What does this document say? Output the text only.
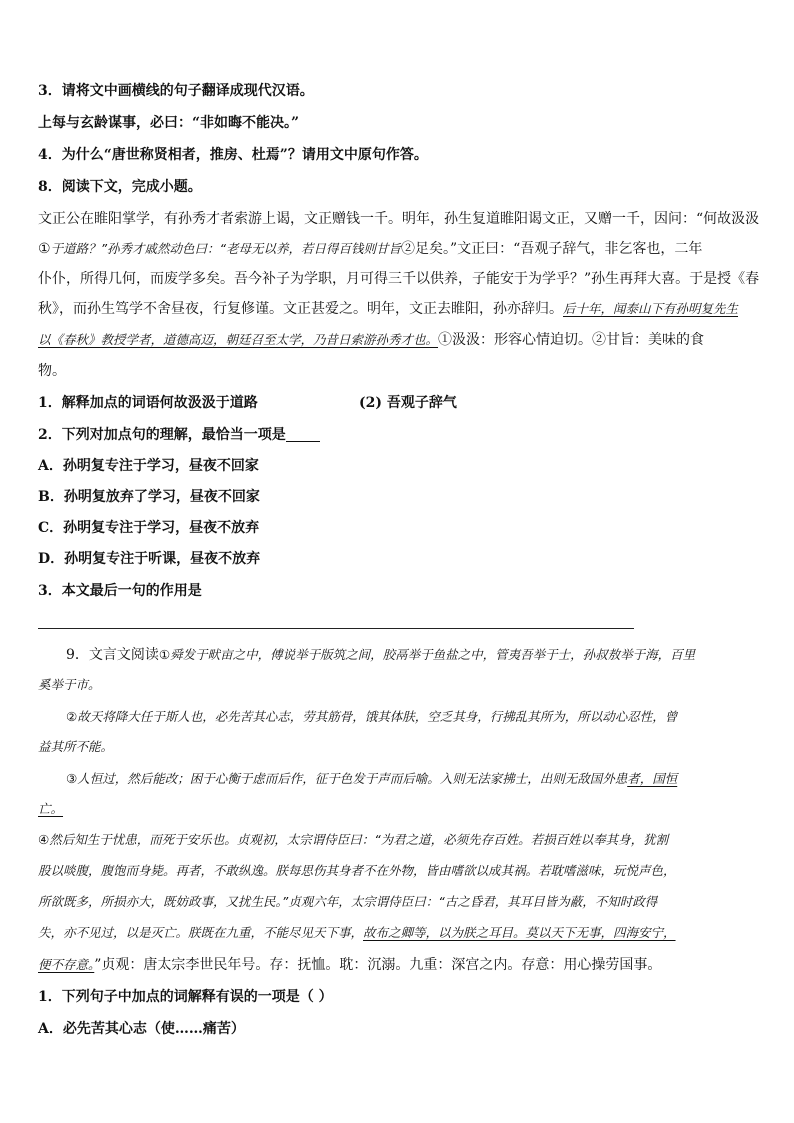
3．请将文中画横线的句子翻译成现代汉语。
上每与玄龄谋事，必曰：“非如晦不能决。”
4．为什么“唐世称贤相者，推房、杜焉”？请用文中原句作答。
8．阅读下文，完成小题。
文正公在睢阳掌学，有孙秀才者索游上谒，文正赠钱一千。明年，孙生复道睢阳谒文正，又赠一千，因问：“何故汲汲
①于道路？”孙秀才戚然动色曰：“老母无以养，若日得百钱则甘旨②足矣。”文正曰：“吾观子辞气，非乞客也，二年
仆仆，所得几何，而废学多矣。吾今补子为学职，月可得三千以供养，子能安于为学乎？”孙生再拜大喜。于是授《春
秋》，而孙生笃学不舍昼夜，行复修谨。文正甚爱之。明年，文正去睢阳，孙亦辞归。后十年，闻泰山下有孙明复先生
以《春秋》教授学者，道德高迈，朝廷召至太学，乃昔日索游孙秀才也。①汲汲：形容心情迫切。②甘旨：美味的食
物。
1．解释加点的词语何故汲汲于道路	(2) 吾观子辞气
2．下列对加点句的理解，最恰当一项是
A．孙明复专注于学习，昼夜不回家
B．孙明复放弃了学习，昼夜不回家
C．孙明复专注于学习，昼夜不放弃
D．孙明复专注于听课，昼夜不放弃
3．本文最后一句的作用是
9．文言文阅读①舜发于畎亩之中，傅说举于版筑之间，胶鬲举于鱼盐之中，管夷吾举于士，孙叔敖举于海，百里
奚举于市。
②故天将降大任于斯人也，必先苦其心志，劳其筋骨，饿其体肤，空乏其身，行拂乱其所为，所以动心忍性，曾
益其所不能。
③人恒过，然后能改；困于心衡于虑而后作，征于色发于声而后喻。入则无法家拂士，出则无敌国外患者，国恒
亡。
④然后知生于忧患，而死于安乐也。贞观初，太宗谓侍臣曰：“为君之道，必须先存百姓。若损百姓以奉其身，犹割
股以啖腹，腹饱而身毙。再者，不敢纵逸。朕每思伤其身者不在外物，皆由嗜欲以成其祸。若耽嗜滋味，玩悦声色，
所欲既多，所损亦大，既妨政事，又扰生民。”贞观六年，太宗谓侍臣曰：“古之昏君，其耳目皆为蔽，不知时政得
失，亦不见过，以是灭亡。朕既在九重，不能尽见天下事，故布之卿等，以为朕之耳目。莫以天下无事，四海安宁，
便不存意。”贞观：唐太宗李世民年号。存：抚恤。耽：沉溺。九重：深宫之内。存意：用心操劳国事。
1．下列句子中加点的词解释有误的一项是（ ）
A．必先苦其心志（使……痛苦）
